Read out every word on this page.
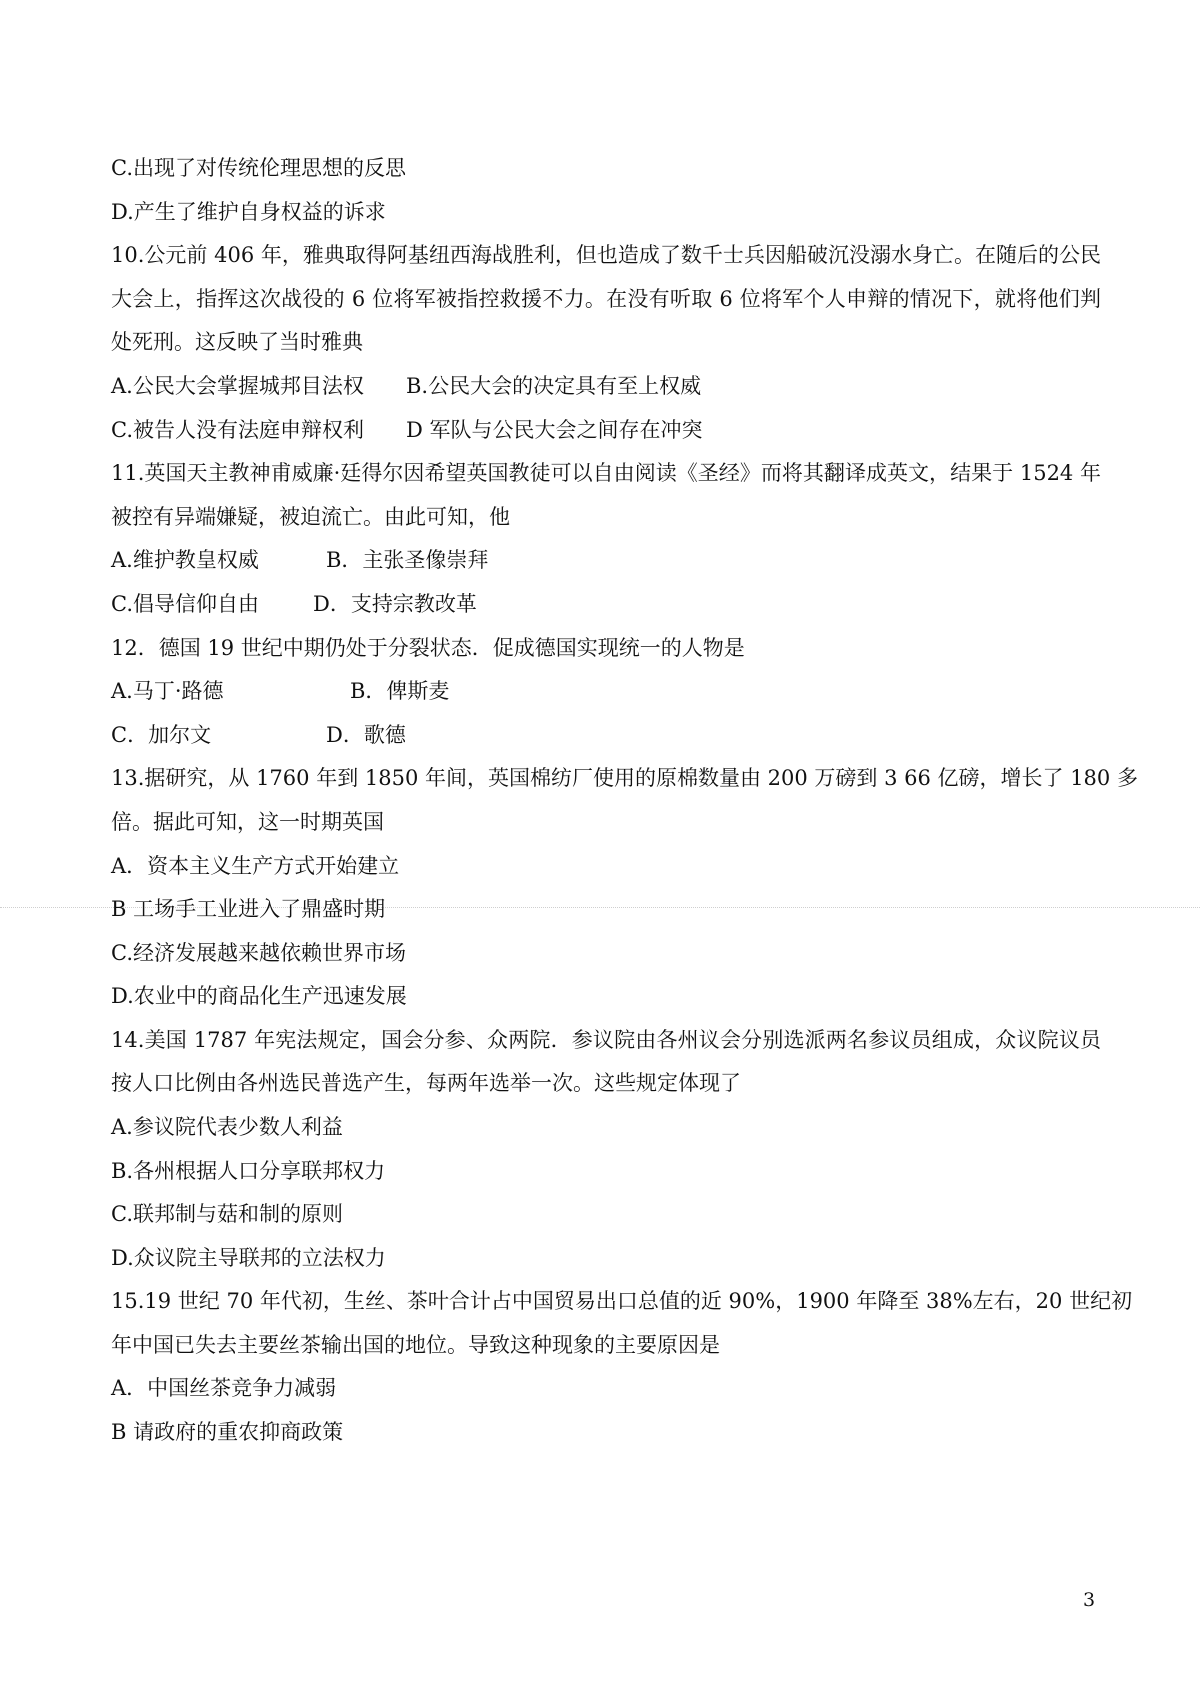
C.出现了对传统伦理思想的反思
D.产生了维护自身权益的诉求
10.公元前 406 年，雅典取得阿基纽西海战胜利，但也造成了数千士兵因船破沉没溺水身亡。在随后的公民
大会上，指挥这次战役的 6 位将军被指控救援不力。在没有听取 6 位将军个人申辩的情况下，就将他们判
处死刑。这反映了当时雅典
A.公民大会掌握城邦目法权 B.公民大会的决定具有至上权威
C.被告人没有法庭申辩权利 D 军队与公民大会之间存在冲突
11.英国天主教神甫威廉·廷得尔因希望英国教徒可以自由阅读《圣经》而将其翻译成英文，结果于 1524 年
被控有异端嫌疑，被迫流亡。由此可知，他
A.维护教皇权威	B．主张圣像崇拜
C.倡导信仰自由	D．支持宗教改革
12．德国 19 世纪中期仍处于分裂状态．促成德国实现统一的人物是
A.马丁·路德	B．俾斯麦
C．加尔文	D．歌德
13.据研究，从 1760 年到 1850 年间，英国棉纺厂使用的原棉数量由 200 万磅到 3 66 亿磅，增长了 180 多
倍。据此可知，这一时期英国
A．资本主义生产方式开始建立
B 工场手工业进入了鼎盛时期
C.经济发展越来越依赖世界市场
D.农业中的商品化生产迅速发展
14.美国 1787 年宪法规定，国会分参、众两院．参议院由各州议会分别选派两名参议员组成，众议院议员
按人口比例由各州选民普选产生，每两年选举一次。这些规定体现了
A.参议院代表少数人利益
B.各州根据人口分享联邦权力
C.联邦制与菇和制的原则
D.众议院主导联邦的立法权力
15.19 世纪 70 年代初，生丝、茶叶合计占中国贸易出口总值的近 90%，1900 年降至 38%左右，20 世纪初
年中国已失去主要丝茶输出国的地位。导致这种现象的主要原因是
A．中国丝茶竞争力减弱
B 请政府的重农抑商政策
3
